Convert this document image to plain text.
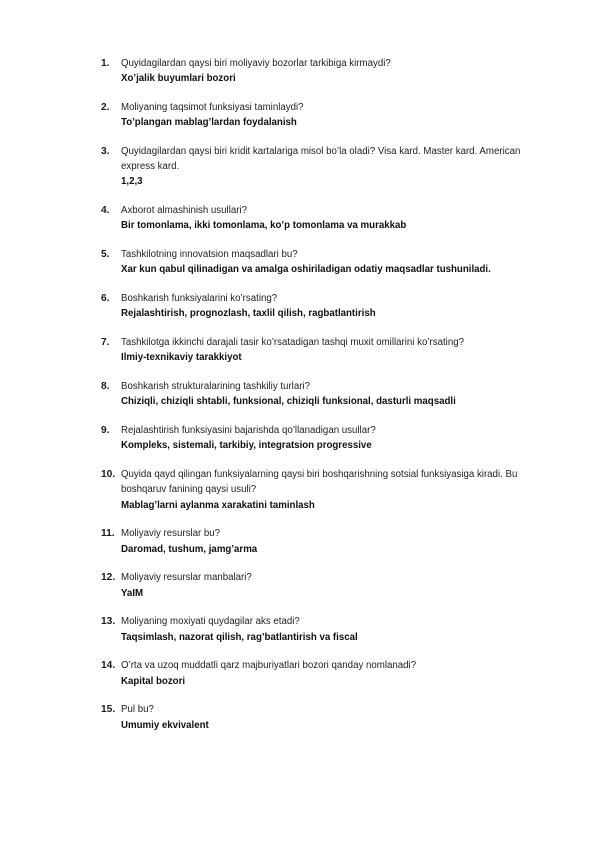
1. Quyidagilardan qaysi biri moliyaviy bozorlar tarkibiga kirmaydi?
Xo’jalik buyumlari bozori
2. Moliyaning taqsimot funksiyasi taminlaydi?
To’plangan mablag’lardan foydalanish
3. Quyidagilardan qaysi biri kridit kartalariga misol bo’la oladi? Visa kard. Master kard. American express kard.
1,2,3
4. Axborot almashinish usullari?
Bir tomonlama, ikki tomonlama, ko’p tomonlama va murakkab
5. Tashkilotning innovatsion maqsadlari bu?
Xar kun qabul qilinadigan va amalga oshiriladigan odatiy maqsadlar tushuniladi.
6. Boshkarish funksiyalarini ko’rsating?
Rejalashtirish, prognozlash, taxlil qilish, ragbatlantirish
7. Tashkilotga ikkinchi darajali tasir ko’rsatadigan tashqi muxit omillarini ko’rsating?
Ilmiy-texnikaviy tarakkiyot
8. Boshkarish strukturalarining tashkiliy turlari?
Chiziqli, chiziqli shtabli, funksional, chiziqli funksional, dasturli maqsadli
9. Rejalashtirish funksiyasini bajarishda qo’llanadigan usullar?
Kompleks, sistemali, tarkibiy, integratsion progressive
10. Quyida qayd qilingan funksiyalarning qaysi biri boshqarishning sotsial funksiyasiga kiradi. Bu boshqaruv fanining qaysi usuli?
Mablag’larni aylanma xarakatini taminlash
11. Moliyaviy resurslar bu?
Daromad, tushum, jamg’arma
12. Moliyaviy resurslar manbalari?
YaIM
13. Moliyaning moxiyati quydagilar aks etadi?
Taqsimlash, nazorat qilish, rag’batlantirish va fiscal
14. O’rta va uzoq muddatli qarz majburiyatlari bozori qanday nomlanadi?
Kapital bozori
15. Pul bu?
Umumiy ekvivalent
